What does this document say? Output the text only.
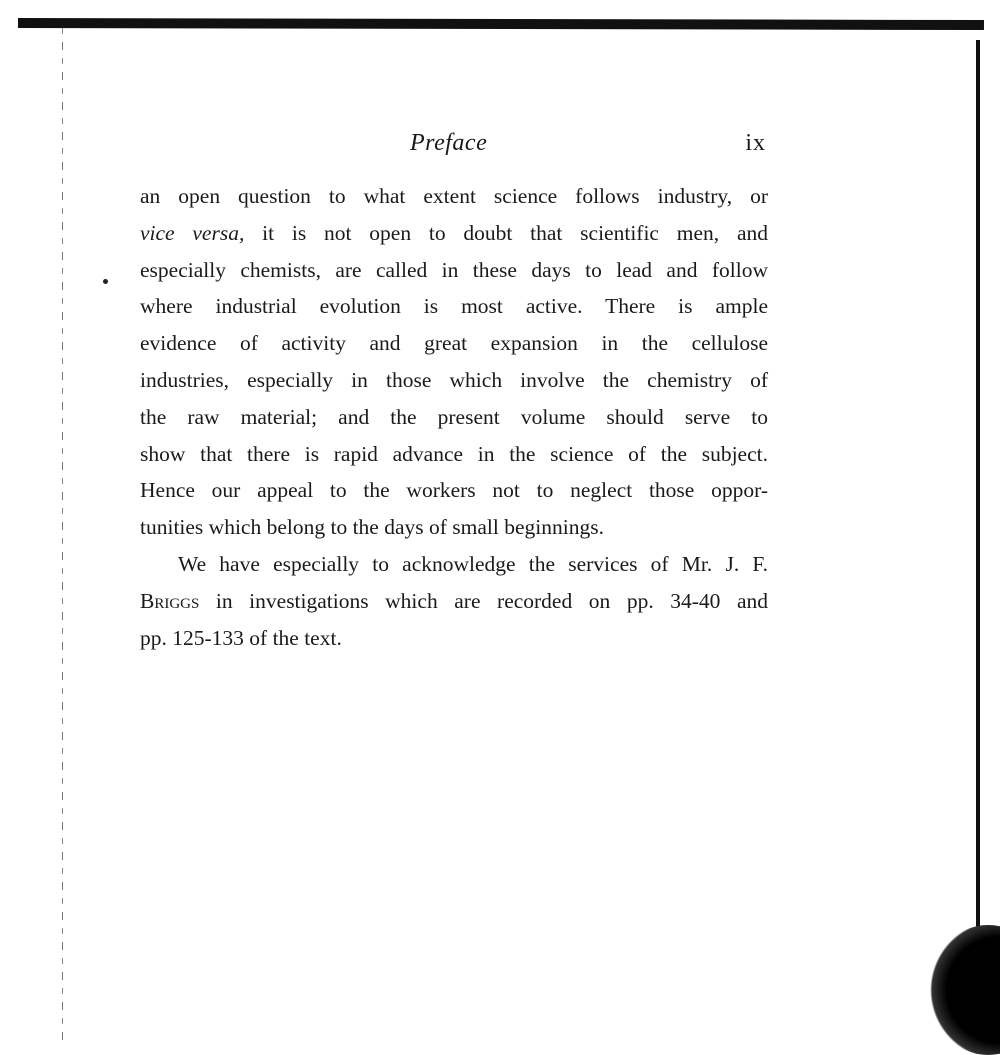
Preface	ix
an open question to what extent science follows industry, or
vice versa, it is not open to doubt that scientific men, and
especially chemists, are called in these days to lead and follow
where industrial evolution is most active. There is ample
evidence of activity and great expansion in the cellulose
industries, especially in those which involve the chemistry of
the raw material; and the present volume should serve to
show that there is rapid advance in the science of the subject.
Hence our appeal to the workers not to neglect those oppor-
tunities which belong to the days of small beginnings.
We have especially to acknowledge the services of Mr. J. F.
Briggs in investigations which are recorded on pp. 34-40 and
pp. 125-133 of the text.
